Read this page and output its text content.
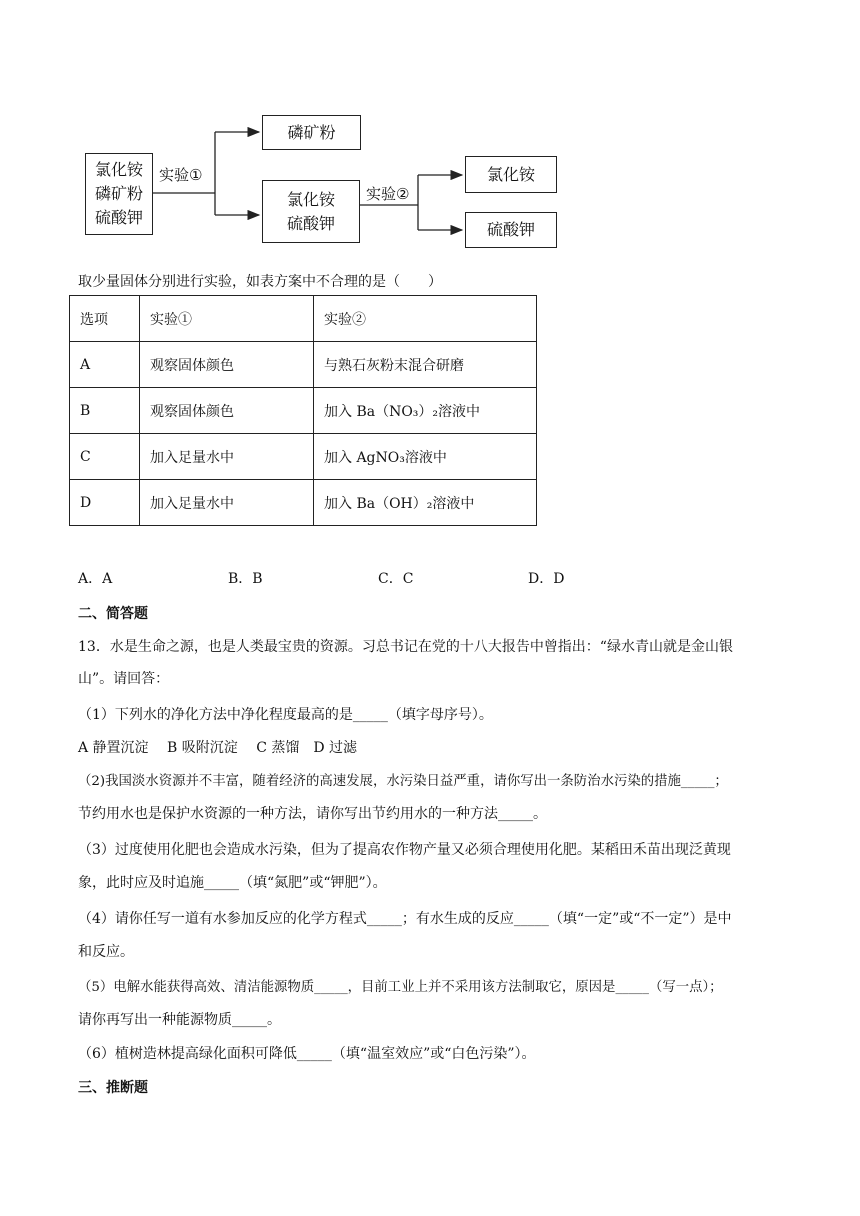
氯化铵
磷矿粉
硫酸钾
实验①
磷矿粉
氯化铵
硫酸钾
实验②
氯化铵
硫酸钾
取少量固体分别进行实验，如表方案中不合理的是（　　）
选项	实验①	实验②
A	观察固体颜色	与熟石灰粉末混合研磨
B	观察固体颜色	加入 Ba（NO₃）₂溶液中
C	加入足量水中	加入 AgNO₃溶液中
D	加入足量水中	加入 Ba（OH）₂溶液中
A．A	B．B	C．C	D．D
二、简答题
13．水是生命之源，也是人类最宝贵的资源。习总书记在党的十八大报告中曾指出：“绿水青山就是金山银
山”。请回答：
（1）下列水的净化方法中净化程度最高的是_____（填字母序号）。
A 静置沉淀　 B 吸附沉淀　 C 蒸馏　D 过滤
（2)我国淡水资源并不丰富，随着经济的高速发展，水污染日益严重，请你写出一条防治水污染的措施_____；
节约用水也是保护水资源的一种方法，请你写出节约用水的一种方法_____。
（3）过度使用化肥也会造成水污染，但为了提高农作物产量又必须合理使用化肥。某稻田禾苗出现泛黄现
象，此时应及时追施_____（填“氮肥”或“钾肥”）。
（4）请你任写一道有水参加反应的化学方程式_____；有水生成的反应_____（填“一定”或“不一定”）是中
和反应。
（5）电解水能获得高效、清洁能源物质_____，目前工业上并不采用该方法制取它，原因是_____（写一点）；
请你再写出一种能源物质_____。
（6）植树造林提高绿化面积可降低_____（填“温室效应”或“白色污染”）。
三、推断题
